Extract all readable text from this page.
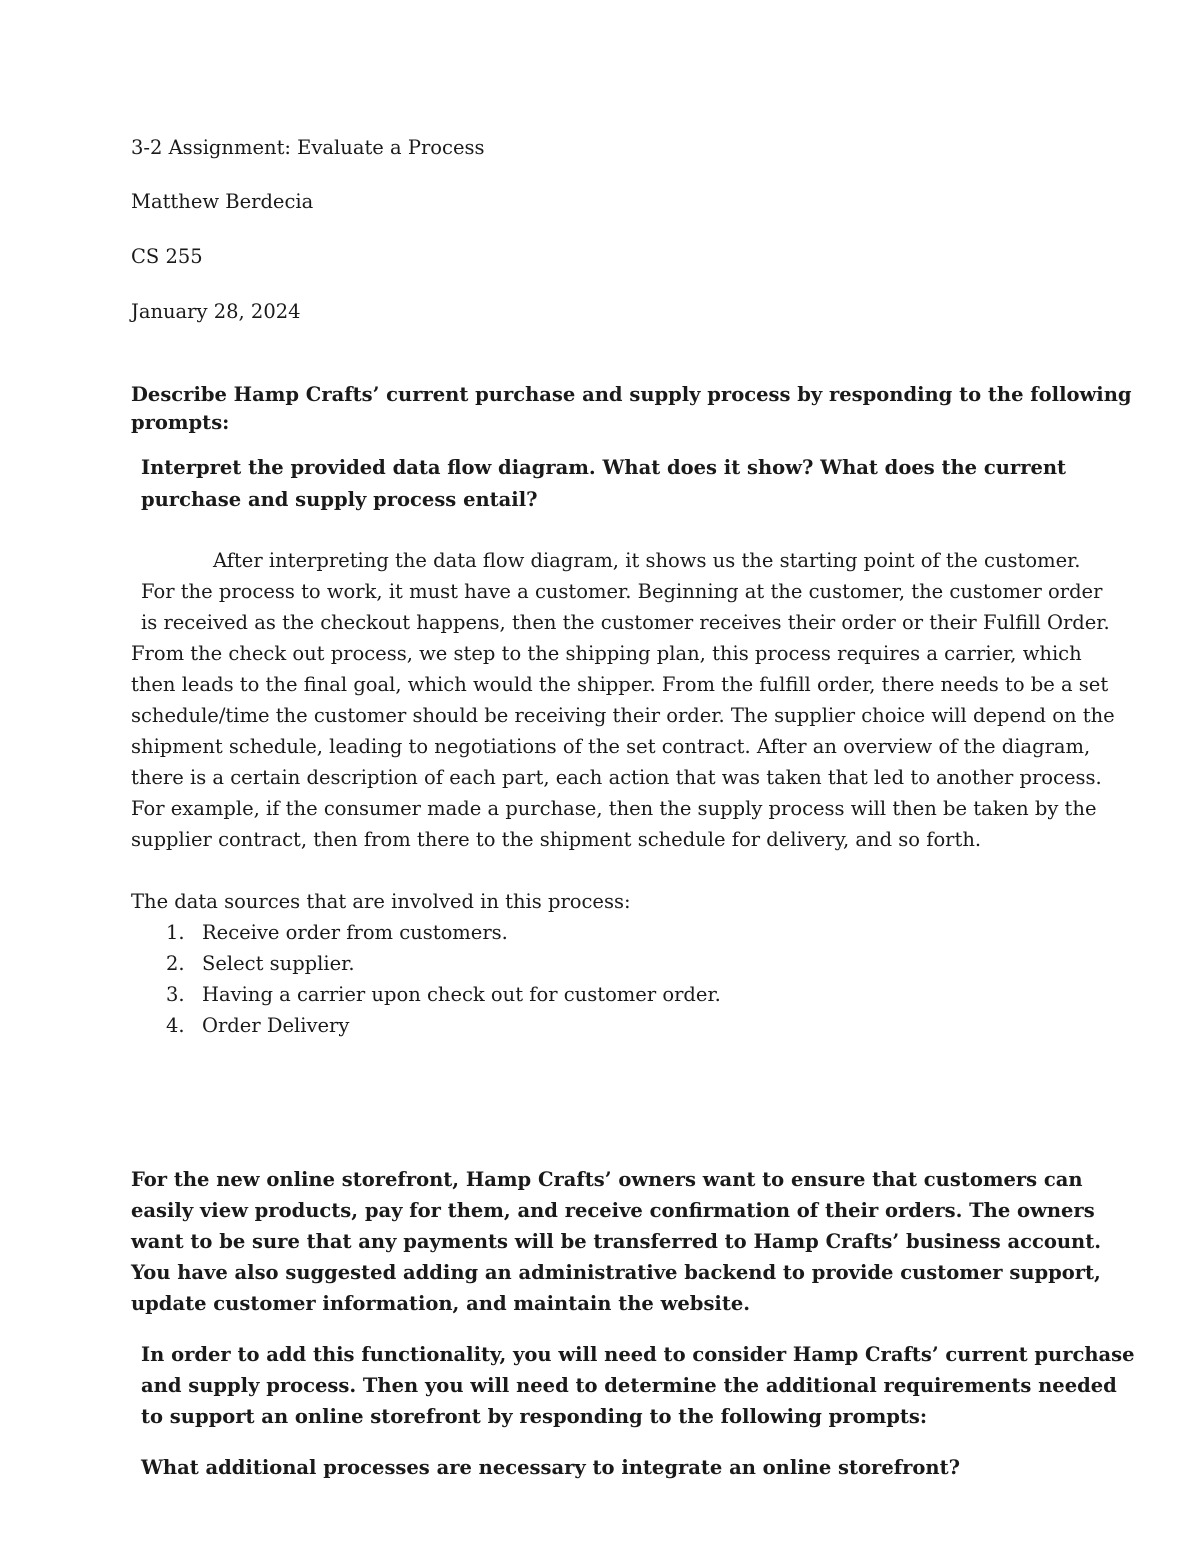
3-2 Assignment: Evaluate a Process

Matthew Berdecia

CS 255

January 28, 2024

Describe Hamp Crafts’ current purchase and supply process by responding to the following

prompts:

Interpret the provided data flow diagram. What does it show? What does the current

purchase and supply process entail?

After interpreting the data flow diagram, it shows us the starting point of the customer.

For the process to work, it must have a customer. Beginning at the customer, the customer order

is received as the checkout happens, then the customer receives their order or their Fulfill Order.

From the check out process, we step to the shipping plan, this process requires a carrier, which

then leads to the final goal, which would the shipper. From the fulfill order, there needs to be a set

schedule/time the customer should be receiving their order. The supplier choice will depend on the

shipment schedule, leading to negotiations of the set contract. After an overview of the diagram,

there is a certain description of each part, each action that was taken that led to another process.

For example, if the consumer made a purchase, then the supply process will then be taken by the

supplier contract, then from there to the shipment schedule for delivery, and so forth.

The data sources that are involved in this process:

1. Receive order from customers.

2. Select supplier.

3. Having a carrier upon check out for customer order.

4. Order Delivery

For the new online storefront, Hamp Crafts’ owners want to ensure that customers can

easily view products, pay for them, and receive confirmation of their orders. The owners

want to be sure that any payments will be transferred to Hamp Crafts’ business account.

You have also suggested adding an administrative backend to provide customer support,

update customer information, and maintain the website.

In order to add this functionality, you will need to consider Hamp Crafts’ current purchase

and supply process. Then you will need to determine the additional requirements needed

to support an online storefront by responding to the following prompts:

What additional processes are necessary to integrate an online storefront?
